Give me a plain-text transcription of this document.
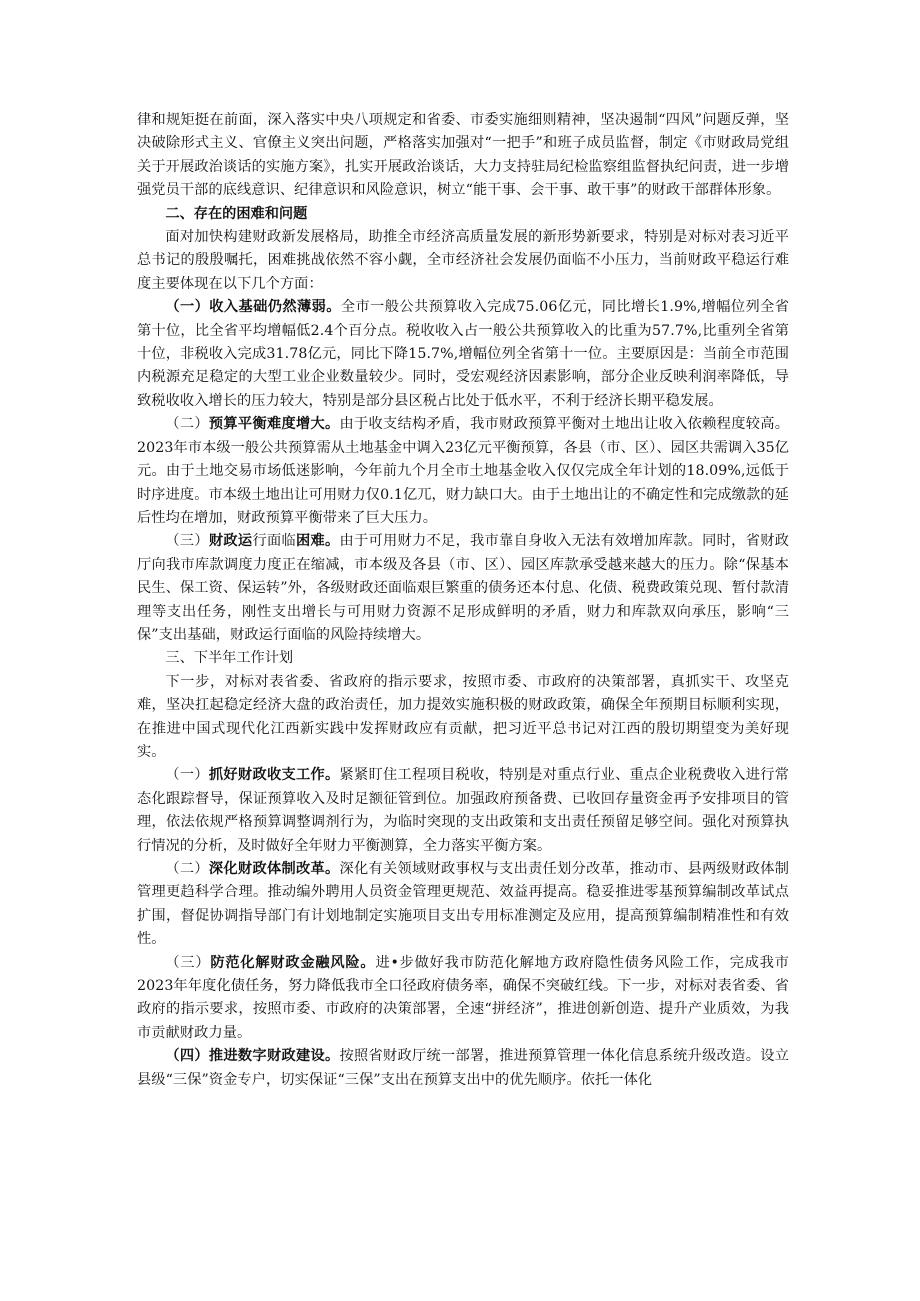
律和规矩挺在前面，深入落实中央八项规定和省委、市委实施细则精神，坚决遏制“四风”问题反弹，坚决破除形式主义、官僚主义突出问题，严格落实加强对“一把手”和班子成员监督，制定《市财政局党组关于开展政治谈话的实施方案》，扎实开展政治谈话，大力支持驻局纪检监察组监督执纪问责，进一步增强党员干部的底线意识、纪律意识和风险意识，树立“能干事、会干事、敢干事”的财政干部群体形象。

二、存在的困难和问题

面对加快构建财政新发展格局，助推全市经济高质量发展的新形势新要求，特别是对标对表习近平总书记的殷殷嘱托，困难挑战依然不容小觑，全市经济社会发展仍面临不小压力，当前财政平稳运行难度主要体现在以下几个方面：

（一）收入基础仍然薄弱。全市一般公共预算收入完成75.06亿元，同比增长1.9%,增幅位列全省第十位，比全省平均增幅低2.4个百分点。税收收入占一般公共预算收入的比重为57.7%,比重列全省第十位，非税收入完成31.78亿元，同比下降15.7%,增幅位列全省第十一位。主要原因是：当前全市范围内税源充足稳定的大型工业企业数量较少。同时，受宏观经济因素影响，部分企业反映利润率降低，导致税收收入增长的压力较大，特别是部分县区税占比处于低水平，不利于经济长期平稳发展。

（二）预算平衡难度增大。由于收支结构矛盾，我市财政预算平衡对土地出让收入依赖程度较高。2023年市本级一般公共预算需从土地基金中调入23亿元平衡预算，各县（市、区）、园区共需调入35亿元。由于土地交易市场低迷影响，今年前九个月全市土地基金收入仅仅完成全年计划的18.09%,远低于时序进度。市本级土地出让可用财力仅0.1亿兀，财力缺口大。由于土地出让的不确定性和完成缴款的延后性均在增加，财政预算平衡带来了巨大压力。

（三）财政运行面临困难。由于可用财力不足，我市靠自身收入无法有效增加库款。同时，省财政厅向我市库款调度力度正在缩减，市本级及各县（市、区）、园区库款承受越来越大的压力。除“保基本民生、保工资、保运转”外，各级财政还面临艰巨繁重的债务还本付息、化债、税费政策兑现、暂付款清理等支出任务，刚性支出增长与可用财力资源不足形成鲜明的矛盾，财力和库款双向承压，影响“三保”支出基础，财政运行面临的风险持续增大。

三、下半年工作计划

下一步，对标对表省委、省政府的指示要求，按照市委、市政府的决策部署，真抓实干、攻坚克难，坚决扛起稳定经济大盘的政治责任，加力提效实施积极的财政政策，确保全年预期目标顺利实现，在推进中国式现代化江西新实践中发挥财政应有贡献，把习近平总书记对江西的殷切期望变为美好现实。

（一）抓好财政收支工作。紧紧盯住工程项目税收，特别是对重点行业、重点企业税费收入进行常态化跟踪督导，保证预算收入及时足额征管到位。加强政府预备费、已收回存量资金再予安排项目的管理，依法依规严格预算调整调剂行为，为临时突现的支出政策和支出责任预留足够空间。强化对预算执行情况的分析，及时做好全年财力平衡测算，全力落实平衡方案。

（二）深化财政体制改革。深化有关领域财政事权与支出责任划分改革，推动市、县两级财政体制管理更趋科学合理。推动编外聘用人员资金管理更规范、效益再提高。稳妥推进零基预算编制改革试点扩围，督促协调指导部门有计划地制定实施项目支出专用标准测定及应用，提高预算编制精准性和有效性。

（三）防范化解财政金融风险。进•步做好我市防范化解地方政府隐性债务风险工作，完成我市2023年年度化债任务，努力降低我市全口径政府债务率，确保不突破红线。下一步，对标对表省委、省政府的指示要求，按照市委、市政府的决策部署，全速“拼经济”，推进创新创造、提升产业质效，为我市贡献财政力量。

（四）推进数字财政建设。按照省财政厅统一部署，推进预算管理一体化信息系统升级改造。设立县级“三保”资金专户，切实保证“三保”支出在预算支出中的优先顺序。依托一体化
